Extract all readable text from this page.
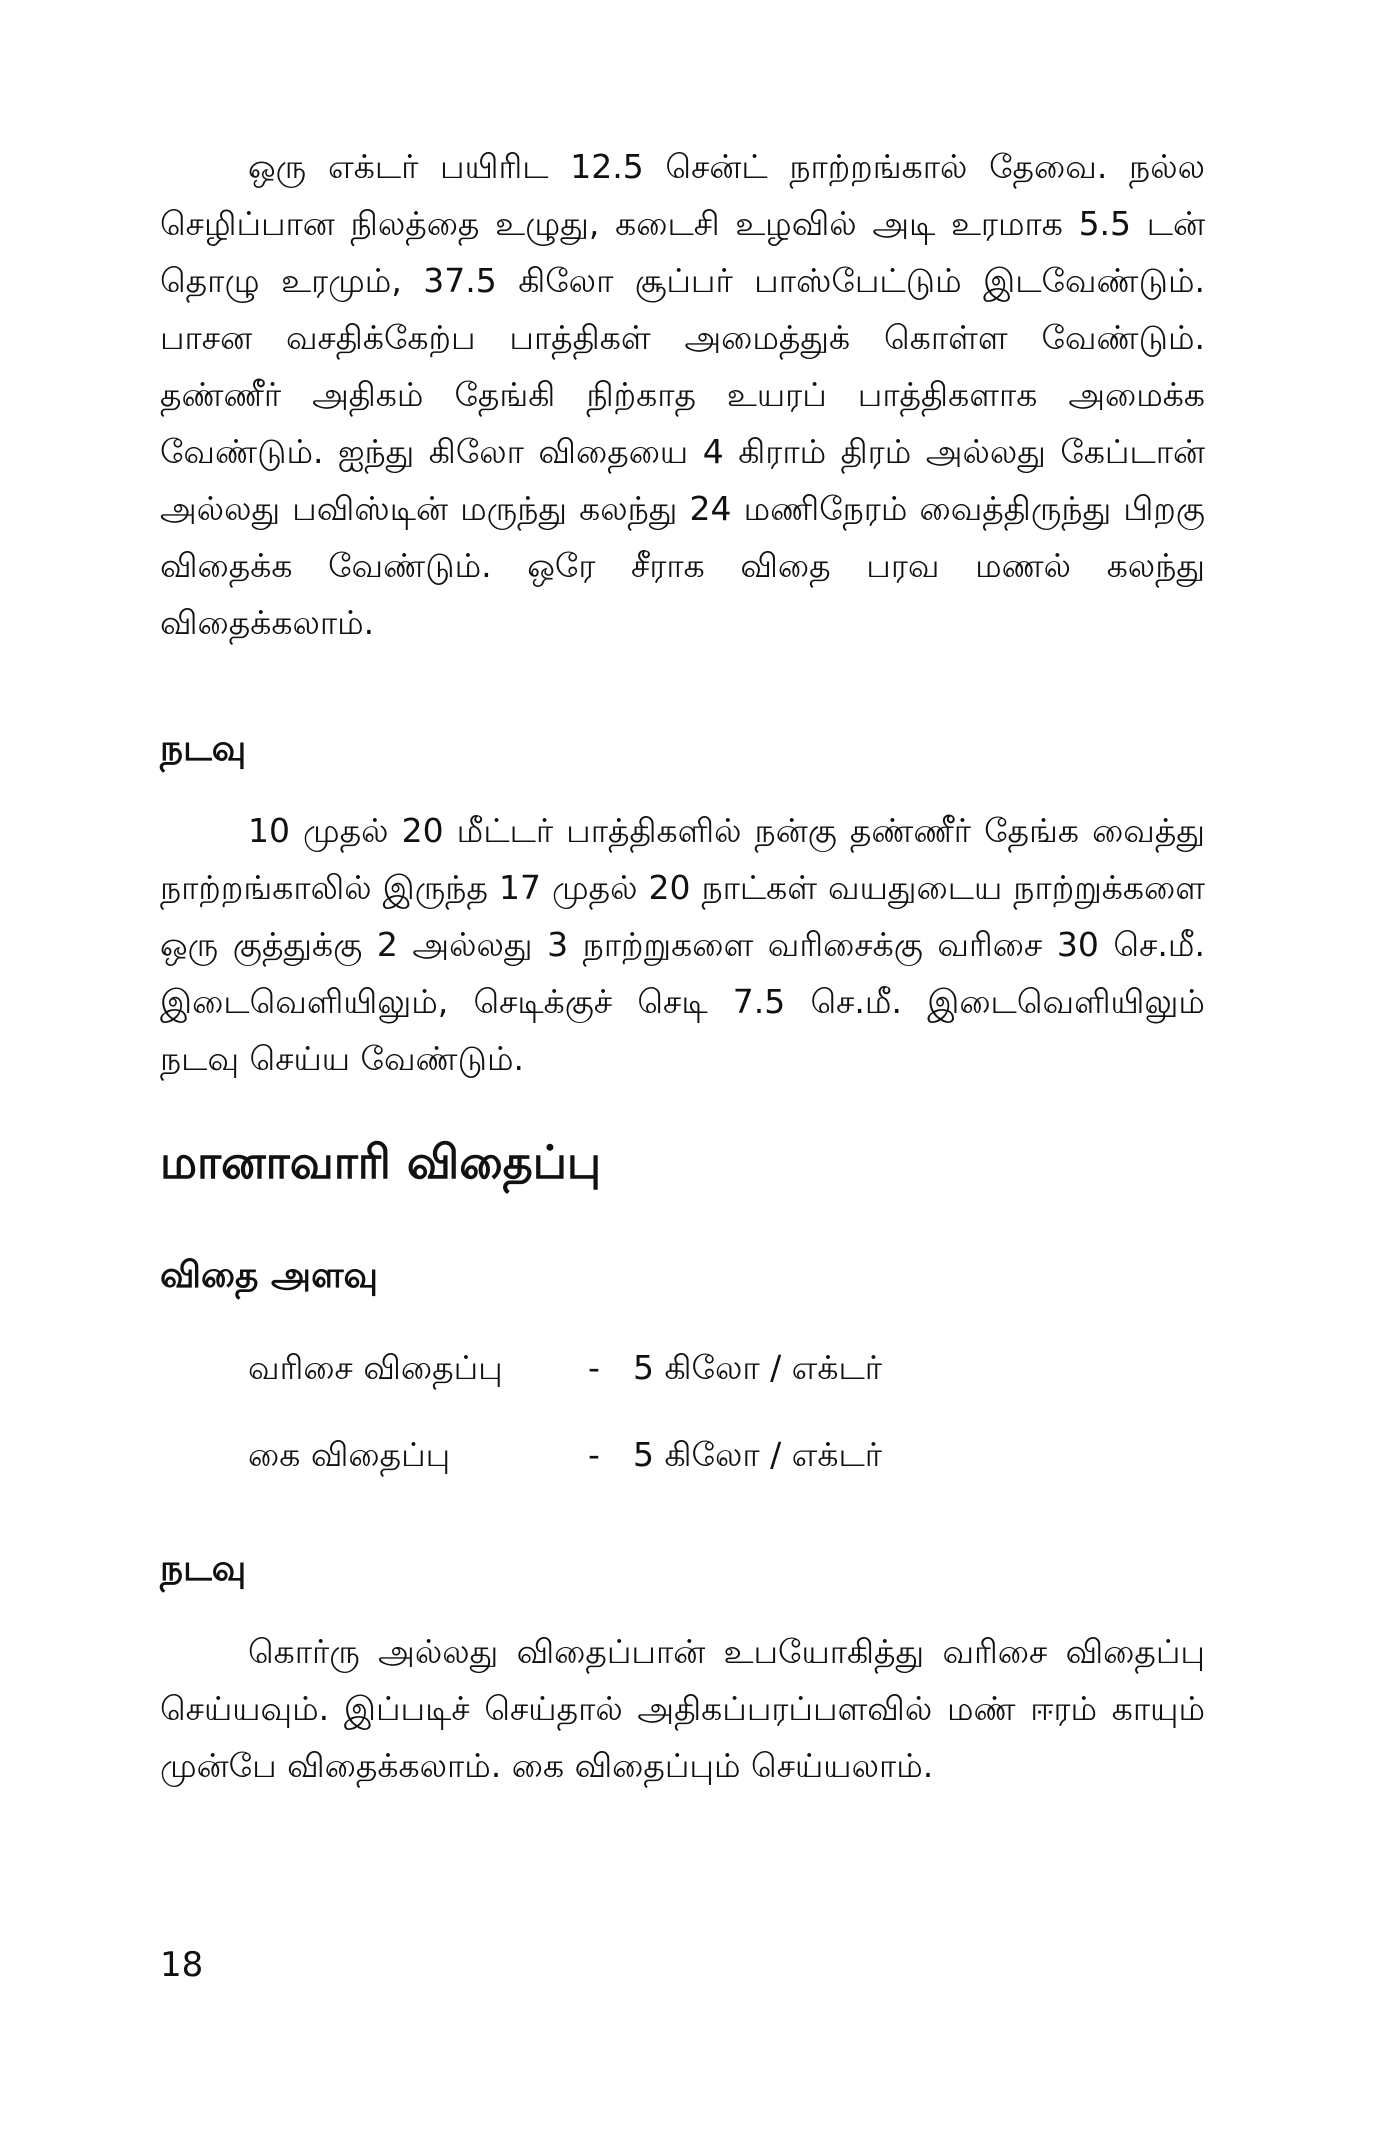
ஒரு எக்டர் பயிரிட 12.5 சென்ட் நாற்றங்கால் தேவை. நல்ல செழிப்பான நிலத்தை உழுது, கடைசி உழவில் அடி உரமாக 5.5 டன் தொழு உரமும், 37.5 கிலோ சூப்பர் பாஸ்பேட்டும் இடவேண்டும். பாசன வசதிக்கேற்ப பாத்திகள் அமைத்துக் கொள்ள வேண்டும். தண்ணீர் அதிகம் தேங்கி நிற்காத உயரப் பாத்திகளாக அமைக்க வேண்டும். ஐந்து கிலோ விதையை 4 கிராம் திரம் அல்லது கேப்டான் அல்லது பவிஸ்டின் மருந்து கலந்து 24 மணிநேரம் வைத்திருந்து பிறகு விதைக்க வேண்டும். ஒரே சீராக விதை பரவ மணல் கலந்து விதைக்கலாம்.

நடவு

10 முதல் 20 மீட்டர் பாத்திகளில் நன்கு தண்ணீர் தேங்க வைத்து நாற்றங்காலில் இருந்த 17 முதல் 20 நாட்கள் வயதுடைய நாற்றுக்களை ஒரு குத்துக்கு 2 அல்லது 3 நாற்றுகளை வரிசைக்கு வரிசை 30 செ.மீ. இடைவெளியிலும், செடிக்குச் செடி 7.5 செ.மீ. இடைவெளியிலும் நடவு செய்ய வேண்டும்.

மானாவாரி விதைப்பு
விதை அளவு
வரிசை விதைப்பு	-	5 கிலோ / எக்டர்
கை விதைப்பு	-	5 கிலோ / எக்டர்
நடவு

கொர்ரு அல்லது விதைப்பான் உபயோகித்து வரிசை விதைப்பு செய்யவும். இப்படிச் செய்தால் அதிகப்பரப்பளவில் மண் ஈரம் காயும் முன்பே விதைக்கலாம். கை விதைப்பும் செய்யலாம்.

18
